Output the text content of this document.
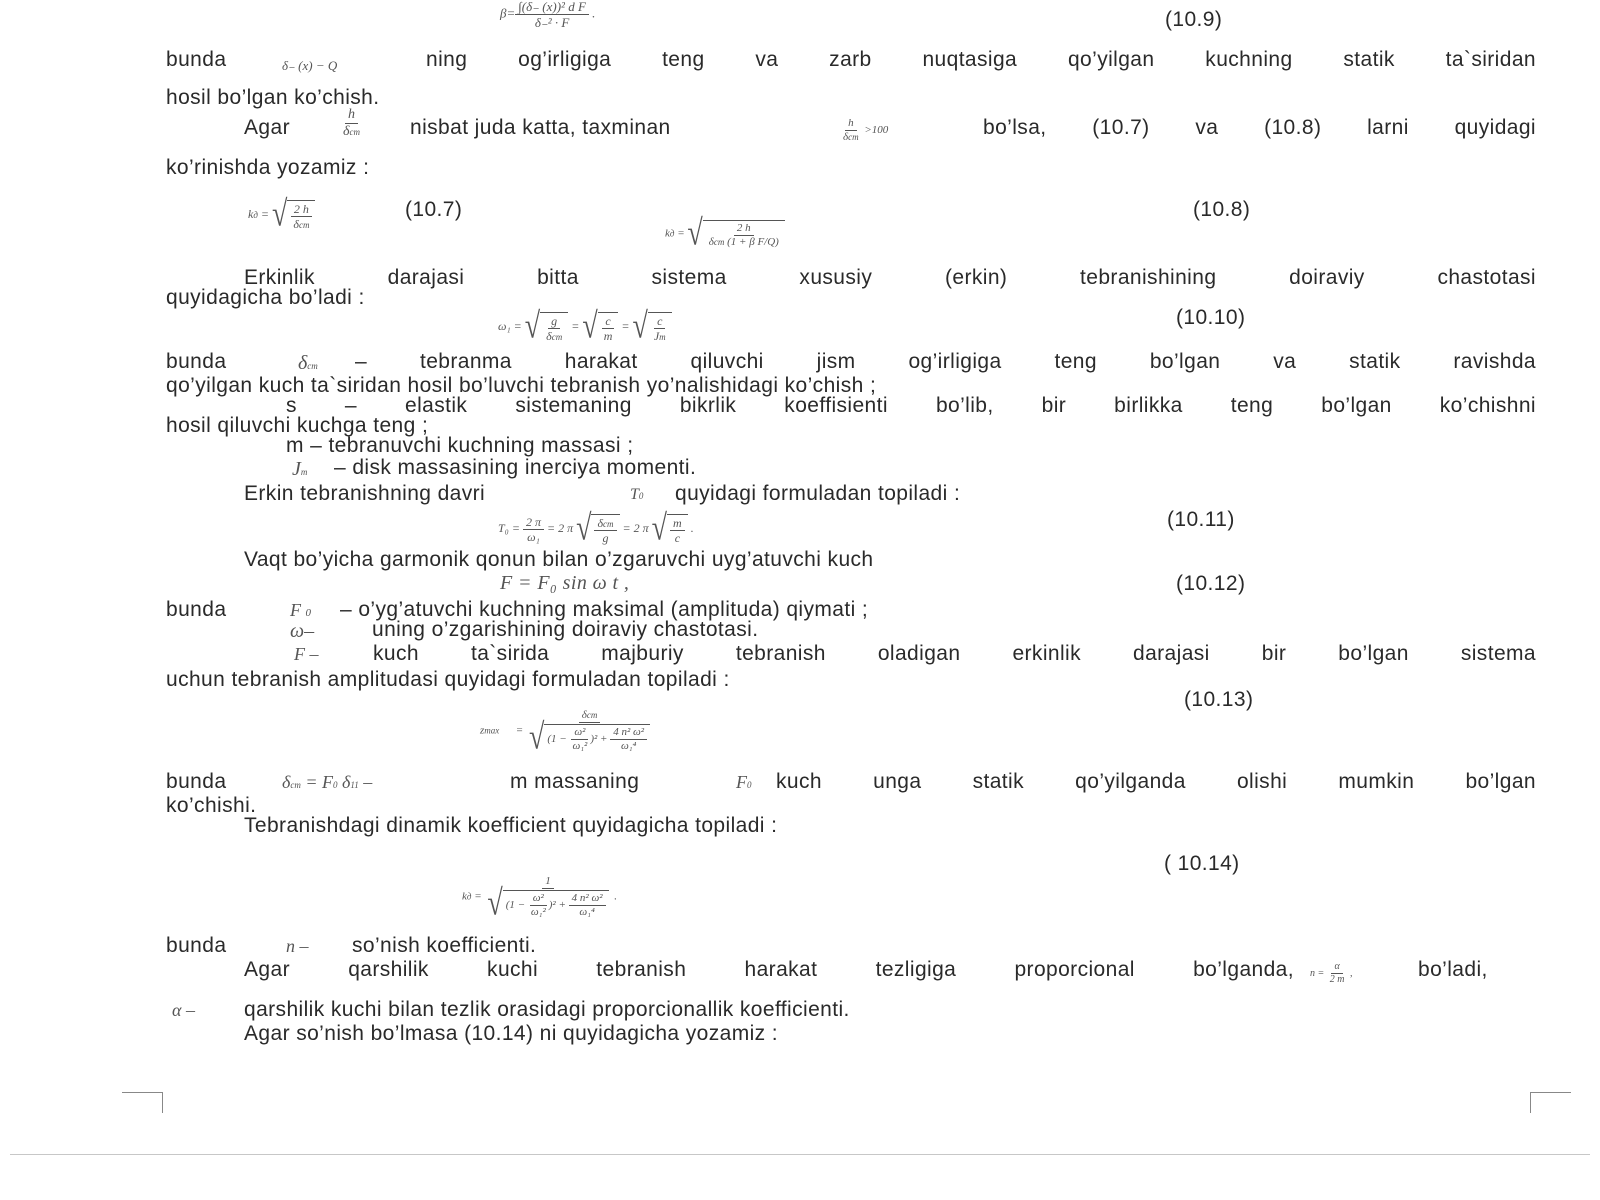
$\beta= \frac{\text{∫(δ₋ (x))² d F}}{\text{δ₋² · F}}$ .	(10.9)
bunda	δ₋ (x) − Q	ning og’irligiga teng va zarb nuqtasiga qo’yilgan kuchning statik ta`siridan
hosil bo’lgan ko’chish.
Agar	$\frac{h}{\text{δст}}$ nisbat juda katta, taxminan	$\frac{h}{\text{δст}} >100$	bo’lsa, (10.7) va (10.8) larni quyidagi
ko’rinishda yozamiz :
kд = √ $\frac{2 h}{\text{δст}}$	(10.7)
kд = √ $\frac{2 h}{\text{δст (1 + β F/Q)}}$
(10.8)
Erkinlik darajasi bitta sistema xususiy (erkin) tebranishining doiraviy chastotasi
quyidagicha bo’ladi :
ω₁ = √ $\frac{g}{\text{δст}}$ = √ $\frac{c}{m}$ = √ $\frac{c}{Jm}$	(10.10)
bunda	δст – tebranma harakat qiluvchi jism og’irligiga teng bo’lgan va statik ravishda
qo’yilgan kuch ta`siridan hosil bo’luvchi tebranish yo’nalishidagi ko’chish ;
s – elastik sistemaning bikrlik koeffisienti bo’lib, bir birlikka teng bo’lgan ko’chishni
hosil qiluvchi kuchga teng ;
m – tebranuvchi kuchning massasi ;
Jm – disk massasining inerciya momenti.
Erkin tebranishning davri	T0 quyidagi formuladan topiladi :
$T_0 = \frac{2 \pi}{\text{ω₁}} = 2$ π √ $\frac{\text{δст}}{g} = 2$ π √ $\frac{m}{c}$ .	(10.11)
Vaqt bo’yicha garmonik qonun bilan o’zgaruvchi uyg’atuvchi kuch
F = F₀ sin ω t ,	(10.12)
bunda	F 0 – o’yg’atuvchi kuchning maksimal (amplituda) qiymati ;
ω–	uning o’zgarishining doiraviy chastotasi.
F –	kuch ta`sirida majburiy tebranish oladigan erkinlik darajasi bir bo’lgan sistema
uchun tebranish amplitudasi quyidagi formuladan topiladi :
(10.13)
zmax      = $\frac{\text{δст}}{√ (1 - \frac{\text{ω²}}{\text{ω₁²}} )^2 + \frac{\text{4 n² ω²}}{\text{ω₁⁴}}}$
bunda	δст = F0 δ11 –	m massaning	F0 kuch unga statik qo’yilganda olishi mumkin bo’lgan
ko’chishi.
Tebranishdagi dinamik koefficient quyidagicha topiladi :
( 10.14)
kд = $\frac{1}{√ (1 - \frac{\text{ω²}}{\text{ω₁²}} )^2 + \frac{\text{4 n² ω²}}{\text{ω₁⁴}}}$ .
bunda	n – so’nish koefficienti.
Agar qarshilik kuchi tebranish harakat tezligiga proporcional bo’lganda, $n = \frac{\alpha}{2 m}$ ,	bo’ladi,
α – qarshilik kuchi bilan tezlik orasidagi proporcionallik koefficienti.
Agar so’nish bo’lmasa (10.14) ni quyidagicha yozamiz :
